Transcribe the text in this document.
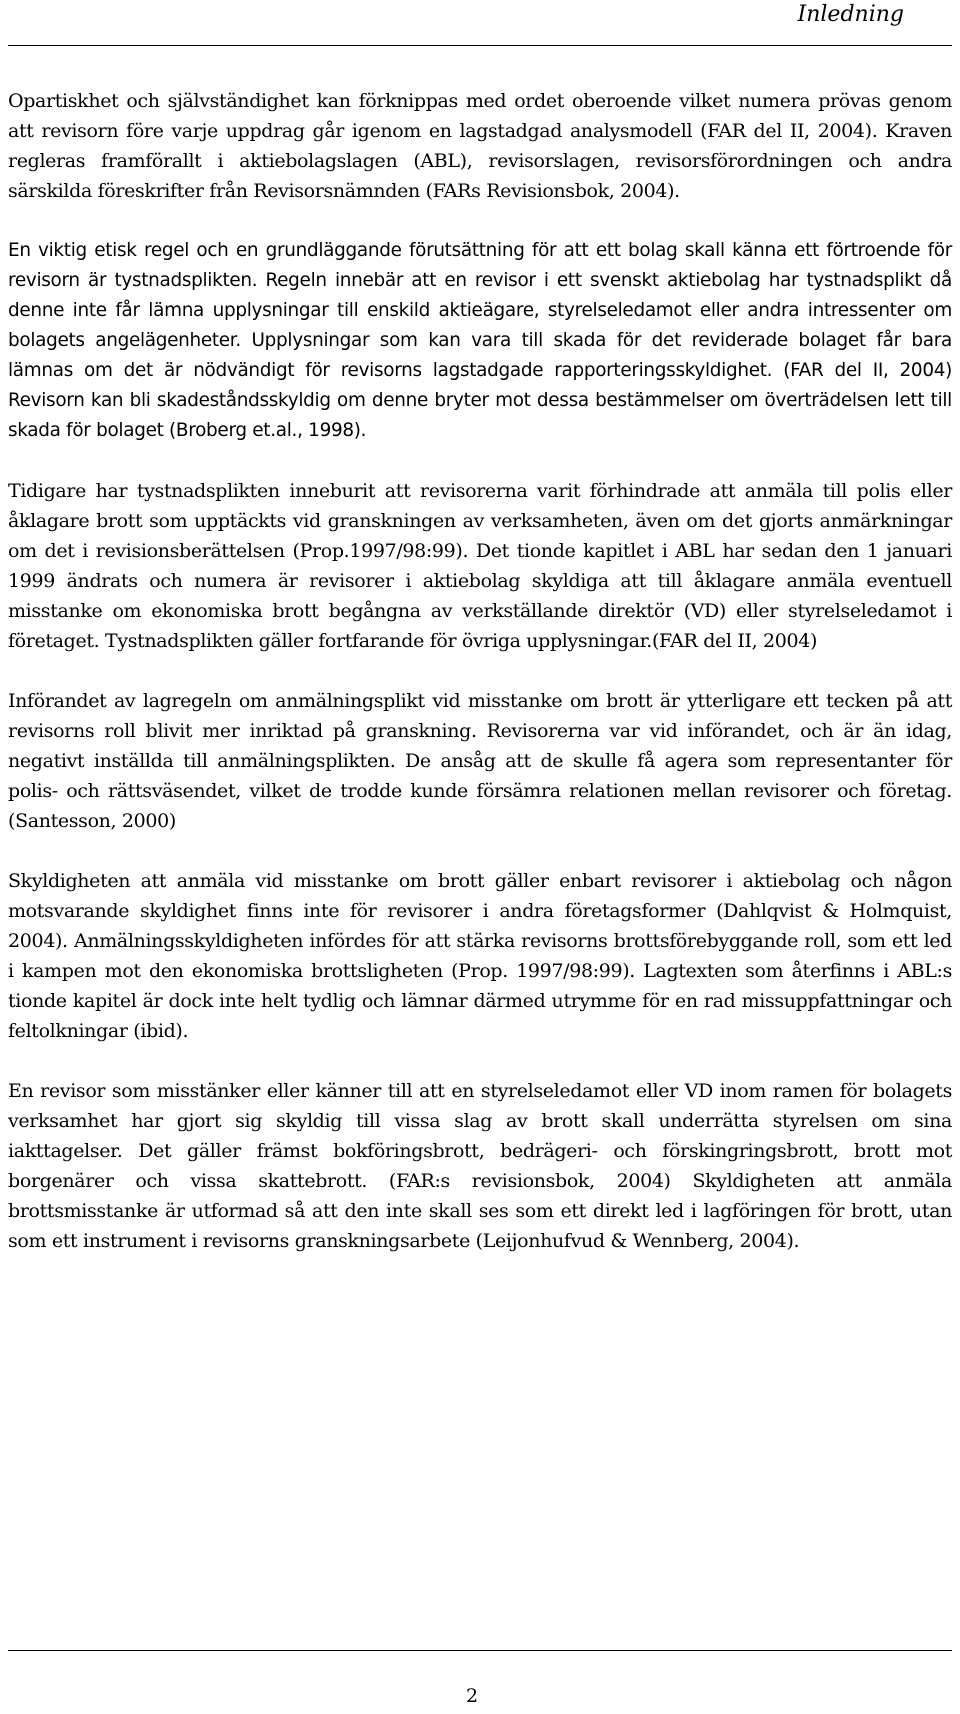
Inledning

Opartiskhet och självständighet kan förknippas med ordet oberoende vilket numera prövas genom att revisorn före varje uppdrag går igenom en lagstadgad analysmodell (FAR del II, 2004). Kraven regleras framförallt i aktiebolagslagen (ABL), revisorslagen, revisorsförordningen och andra särskilda föreskrifter från Revisorsnämnden (FARs Revisionsbok, 2004).

En viktig etisk regel och en grundläggande förutsättning för att ett bolag skall känna ett förtroende för revisorn är tystnadsplikten. Regeln innebär att en revisor i ett svenskt aktiebolag har tystnadsplikt då denne inte får lämna upplysningar till enskild aktieägare, styrelseledamot eller andra intressenter om bolagets angelägenheter. Upplysningar som kan vara till skada för det reviderade bolaget får bara lämnas om det är nödvändigt för revisorns lagstadgade rapporteringsskyldighet. (FAR del II, 2004) Revisorn kan bli skadeståndsskyldig om denne bryter mot dessa bestämmelser om överträdelsen lett till skada för bolaget (Broberg et.al., 1998).

Tidigare har tystnadsplikten inneburit att revisorerna varit förhindrade att anmäla till polis eller åklagare brott som upptäckts vid granskningen av verksamheten, även om det gjorts anmärkningar om det i revisionsberättelsen (Prop.1997/98:99). Det tionde kapitlet i ABL har sedan den 1 januari 1999 ändrats och numera är revisorer i aktiebolag skyldiga att till åklagare anmäla eventuell misstanke om ekonomiska brott begångna av verkställande direktör (VD) eller styrelseledamot i företaget. Tystnadsplikten gäller fortfarande för övriga upplysningar.(FAR del II, 2004)

Införandet av lagregeln om anmälningsplikt vid misstanke om brott är ytterligare ett tecken på att revisorns roll blivit mer inriktad på granskning. Revisorerna var vid införandet, och är än idag, negativt inställda till anmälningsplikten. De ansåg att de skulle få agera som representanter för polis- och rättsväsendet, vilket de trodde kunde försämra relationen mellan revisorer och företag. (Santesson, 2000)

Skyldigheten att anmäla vid misstanke om brott gäller enbart revisorer i aktiebolag och någon motsvarande skyldighet finns inte för revisorer i andra företagsformer (Dahlqvist & Holmquist, 2004). Anmälningsskyldigheten infördes för att stärka revisorns brottsförebyggande roll, som ett led i kampen mot den ekonomiska brottsligheten (Prop. 1997/98:99). Lagtexten som återfinns i ABL:s tionde kapitel är dock inte helt tydlig och lämnar därmed utrymme för en rad missuppfattningar och feltolkningar (ibid).

En revisor som misstänker eller känner till att en styrelseledamot eller VD inom ramen för bolagets verksamhet har gjort sig skyldig till vissa slag av brott skall underrätta styrelsen om sina iakttagelser. Det gäller främst bokföringsbrott, bedrägeri- och förskingringsbrott, brott mot borgenärer och vissa skattebrott. (FAR:s revisionsbok, 2004) Skyldigheten att anmäla brottsmisstanke är utformad så att den inte skall ses som ett direkt led i lagföringen för brott, utan som ett instrument i revisorns granskningsarbete (Leijonhufvud & Wennberg, 2004).

2
